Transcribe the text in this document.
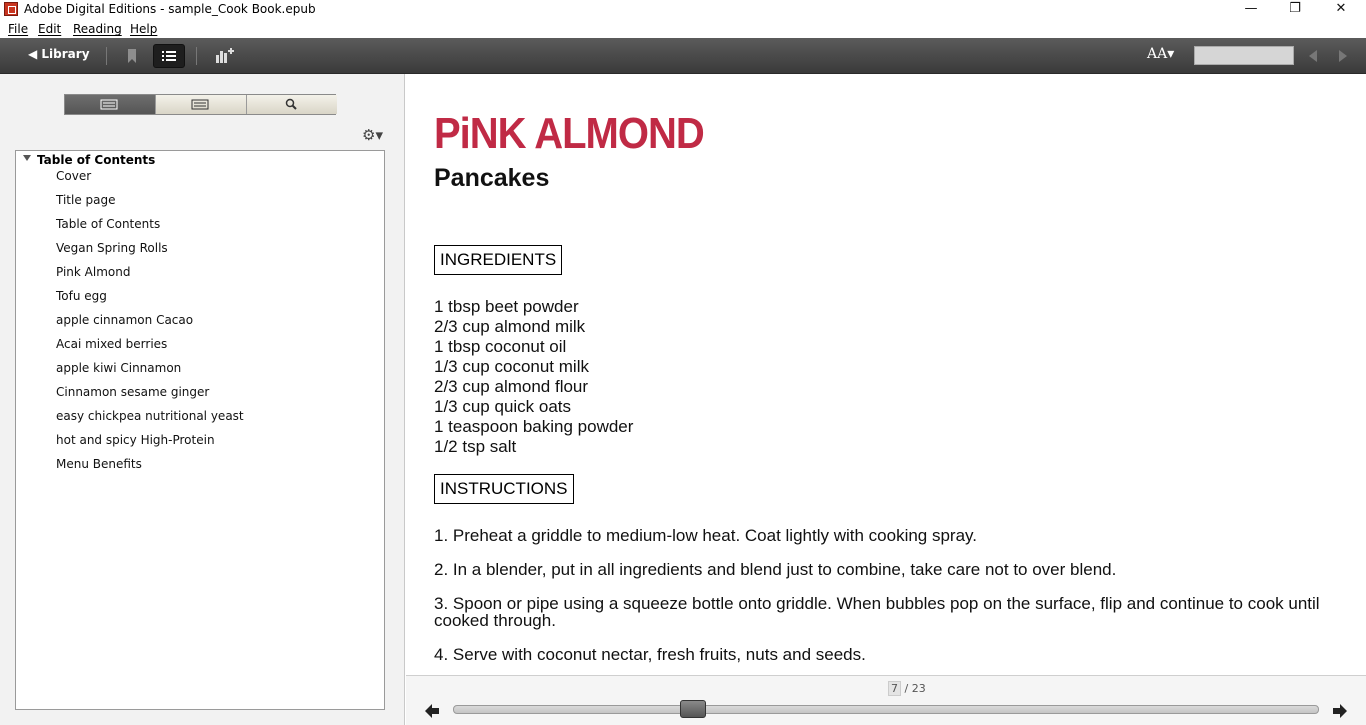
Adobe Digital Editions - sample_Cook Book.epub	—	❐	✕
File Edit Reading Help
◀ Library	AA▾
⚙▾
Table of Contents
Cover
Title page
Table of Contents
Vegan Spring Rolls
Pink Almond
Tofu egg
apple cinnamon Cacao
Acai mixed berries
apple kiwi Cinnamon
Cinnamon sesame ginger
easy chickpea nutritional yeast
hot and spicy High-Protein
Menu Benefits
PiNK ALMOND
Pancakes
INGREDIENTS
1 tbsp beet powder
2/3 cup almond milk
1 tbsp coconut oil
1/3 cup coconut milk
2/3 cup almond flour
1/3 cup quick oats
1 teaspoon baking powder
1/2 tsp salt
INSTRUCTIONS
1. Preheat a griddle to medium-low heat. Coat lightly with cooking spray.
2. In a blender, put in all ingredients and blend just to combine, take care not to over blend.
3. Spoon or pipe using a squeeze bottle onto griddle. When bubbles pop on the surface, flip and continue to cook until cooked through.
4. Serve with coconut nectar, fresh fruits, nuts and seeds.
7 / 23
